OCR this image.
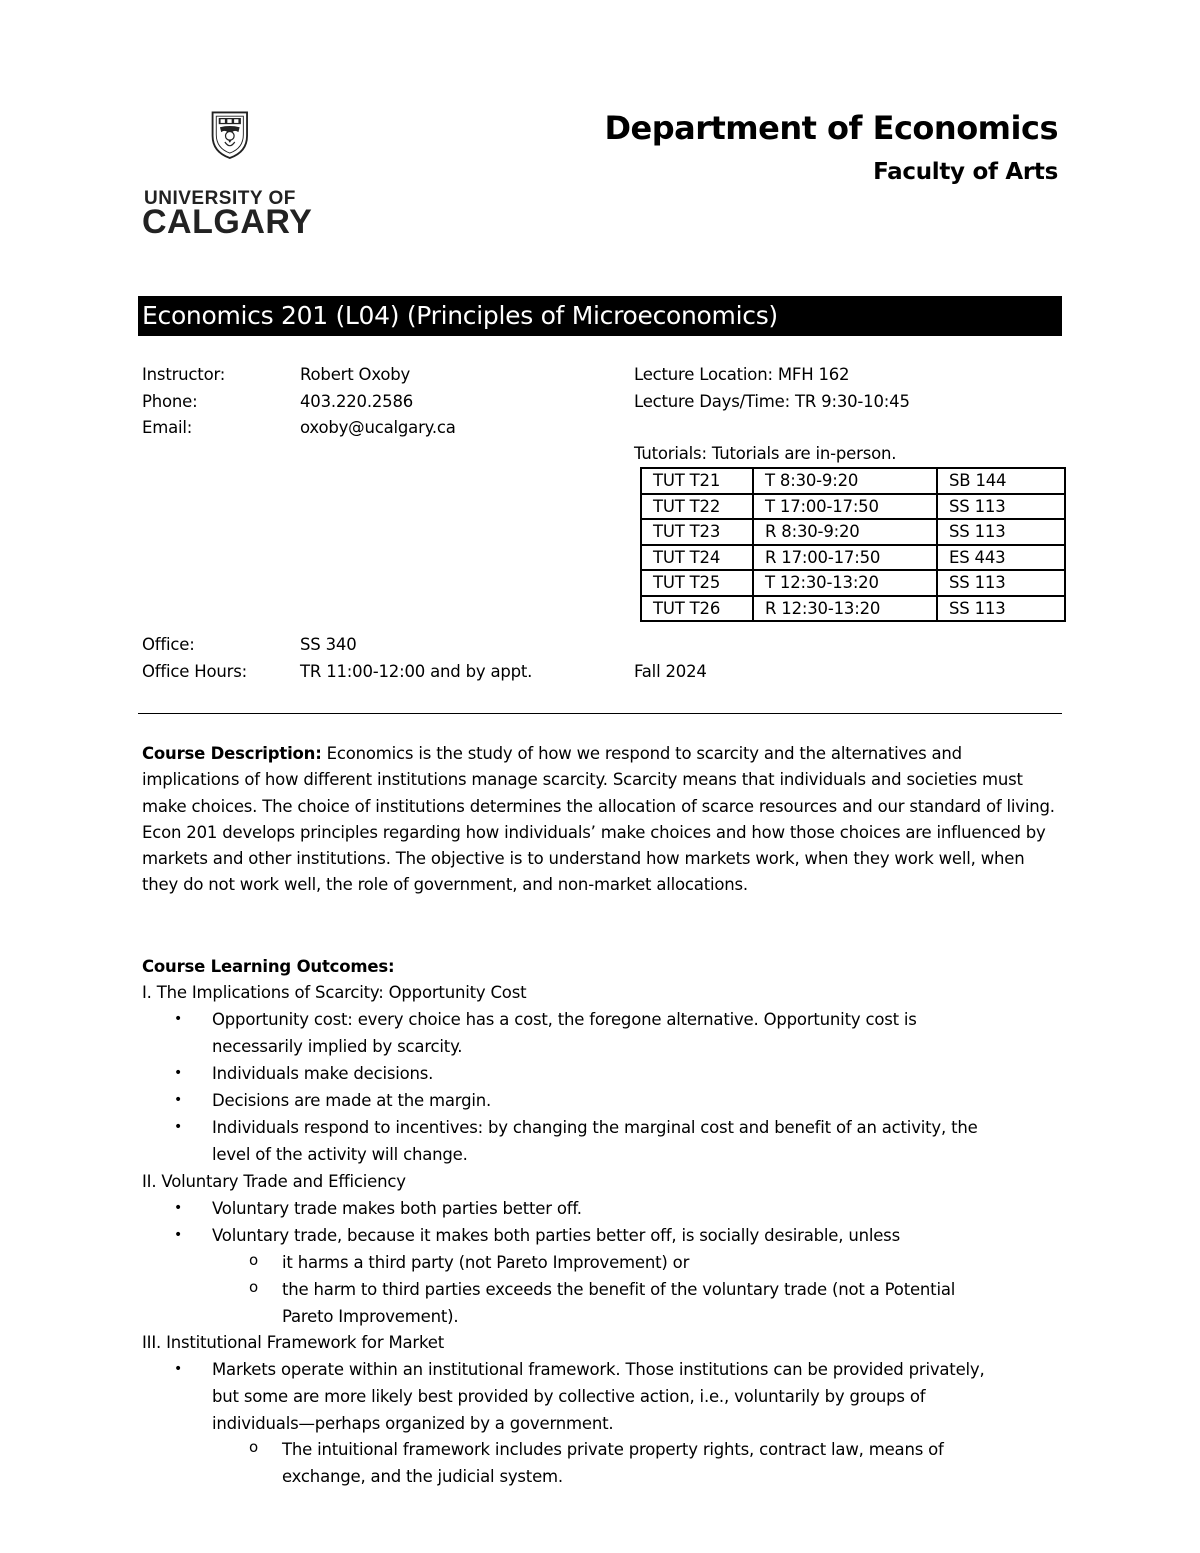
UNIVERSITY OF
CALGARY
Department of Economics
Faculty of Arts
Economics 201 (L04) (Principles of Microeconomics)
Instructor:	Robert Oxoby
Phone:	403.220.2586
Email:	oxoby@ucalgary.ca
Office:	SS 340
Office Hours:	TR 11:00-12:00 and by appt.
Lecture Location: MFH 162
Lecture Days/Time: TR 9:30-10:45
Tutorials: Tutorials are in-person.
Fall 2024
TUT T21	T 8:30-9:20	SB 144
TUT T22	T 17:00-17:50	SS 113
TUT T23	R 8:30-9:20	SS 113
TUT T24	R 17:00-17:50	ES 443
TUT T25	T 12:30-13:20	SS 113
TUT T26	R 12:30-13:20	SS 113
Course Description: Economics is the study of how we respond to scarcity and the alternatives and implications of how different institutions manage scarcity. Scarcity means that individuals and societies must make choices. The choice of institutions determines the allocation of scarce resources and our standard of living. Econ 201 develops principles regarding how individuals’ make choices and how those choices are influenced by markets and other institutions. The objective is to understand how markets work, when they work well, when they do not work well, the role of government, and non-market allocations.
Course Learning Outcomes:
I. The Implications of Scarcity: Opportunity Cost
• Opportunity cost: every choice has a cost, the foregone alternative. Opportunity cost is
necessarily implied by scarcity.
• Individuals make decisions.
• Decisions are made at the margin.
• Individuals respond to incentives: by changing the marginal cost and benefit of an activity, the
level of the activity will change.
II. Voluntary Trade and Efficiency
• Voluntary trade makes both parties better off.
• Voluntary trade, because it makes both parties better off, is socially desirable, unless
o it harms a third party (not Pareto Improvement) or
o the harm to third parties exceeds the benefit of the voluntary trade (not a Potential
Pareto Improvement).
III. Institutional Framework for Market
• Markets operate within an institutional framework. Those institutions can be provided privately,
but some are more likely best provided by collective action, i.e., voluntarily by groups of
individuals—perhaps organized by a government.
o The intuitional framework includes private property rights, contract law, means of
exchange, and the judicial system.
